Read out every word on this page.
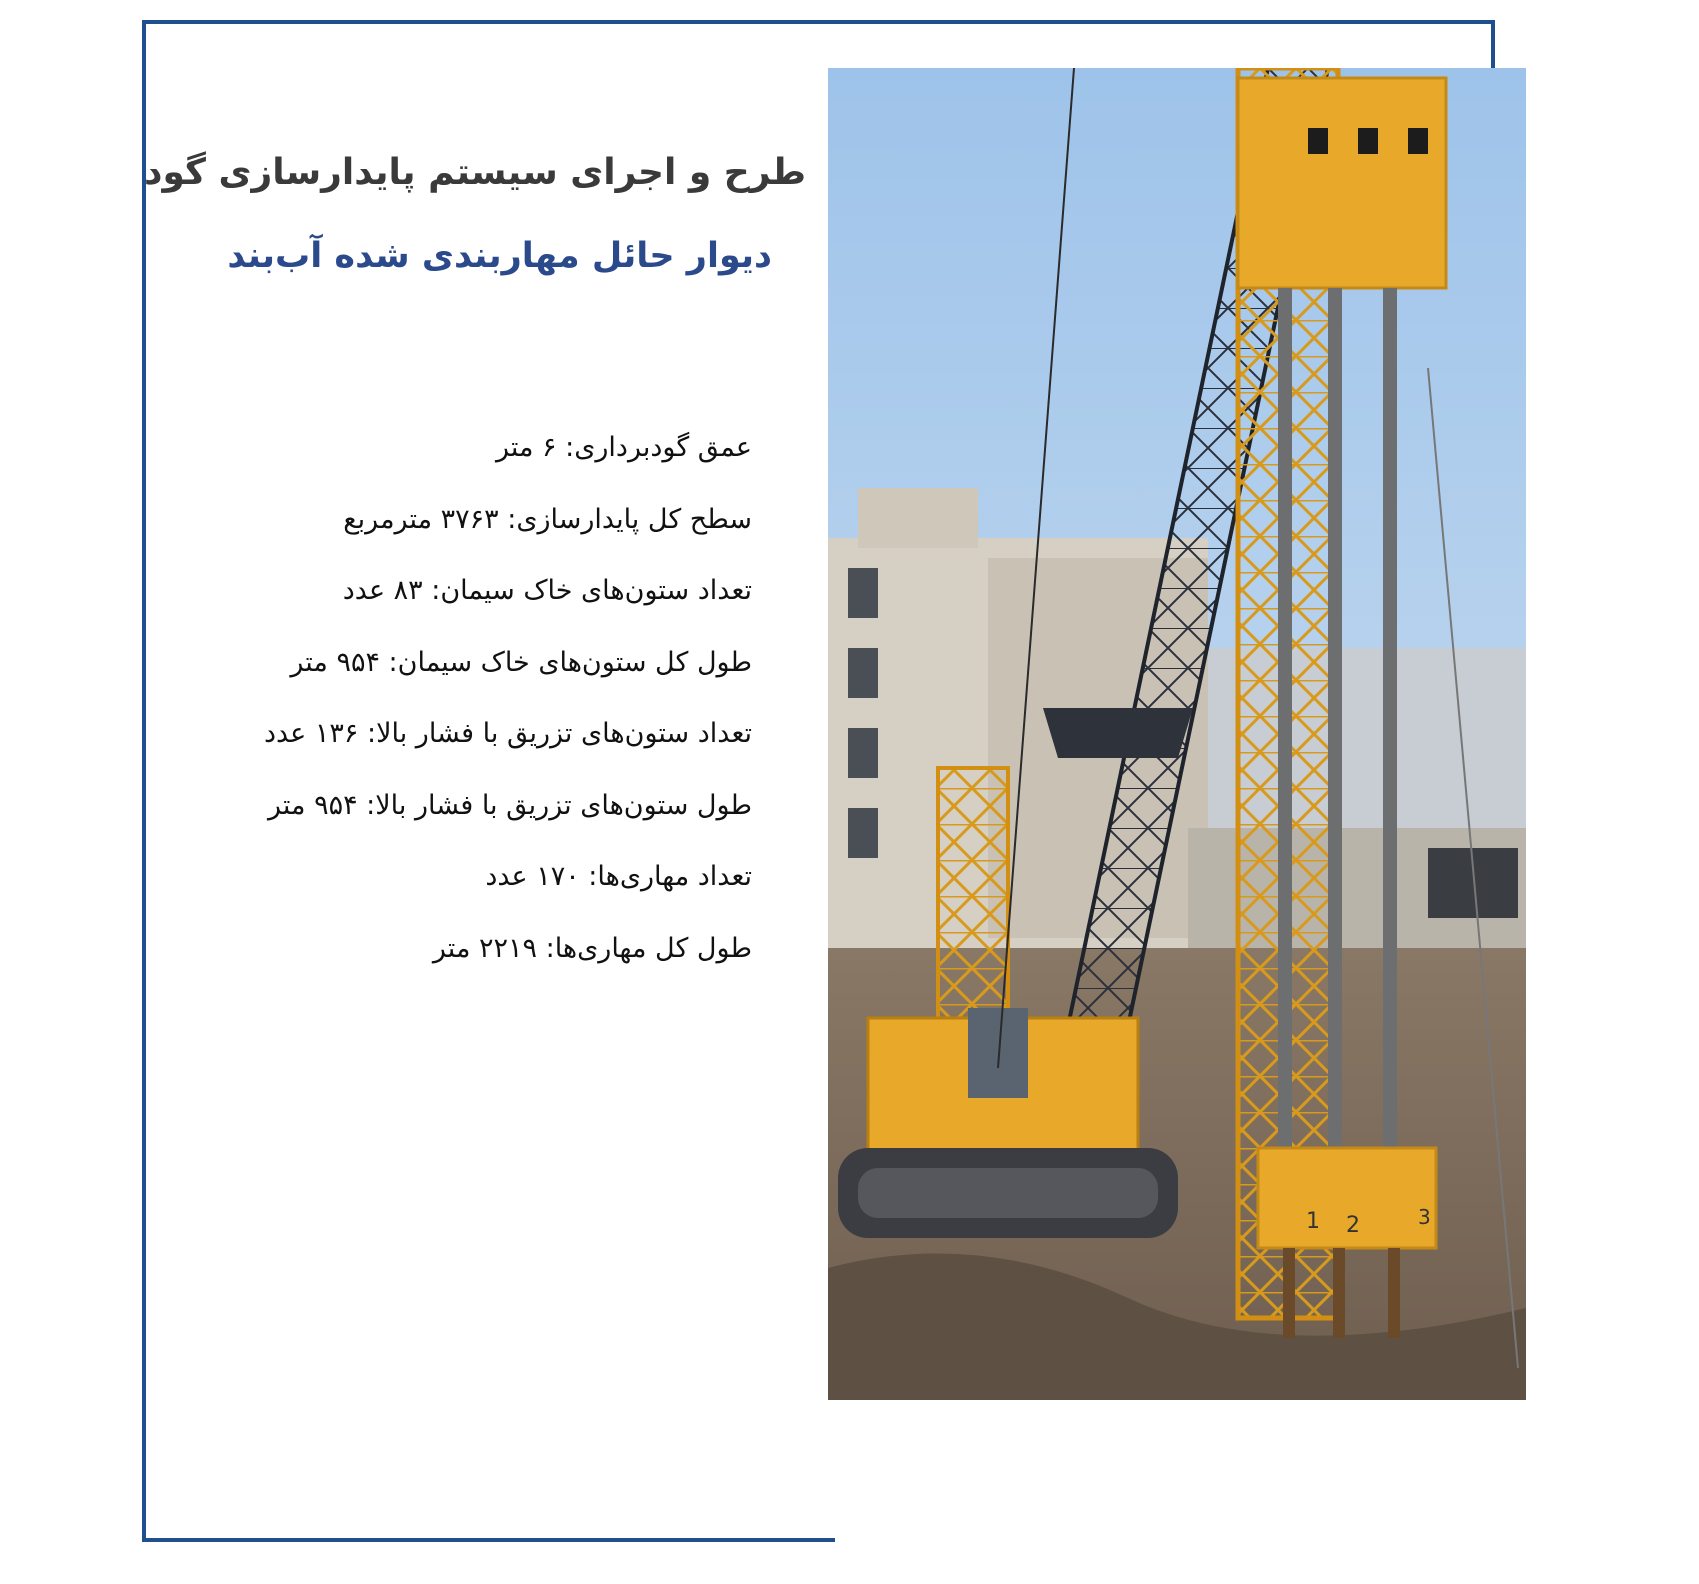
طرح و اجرای سیستم پایدارسازی گود
دیوار حائل مهاربندی شده آب‌بند
عمق گودبرداری: ۶ متر
سطح کل پایدارسازی: ۳۷۶۳ مترمربع
تعداد ستون‌های خاک سیمان: ۸۳ عدد
طول کل ستون‌های خاک سیمان: ۹۵۴ متر
تعداد ستون‌های تزریق با فشار بالا: ۱۳۶ عدد
طول ستون‌های تزریق با فشار بالا: ۹۵۴ متر
تعداد مهاری‌ها: ۱۷۰ عدد
طول کل مهاری‌ها: ۲۲۱۹ متر
1 2	3
